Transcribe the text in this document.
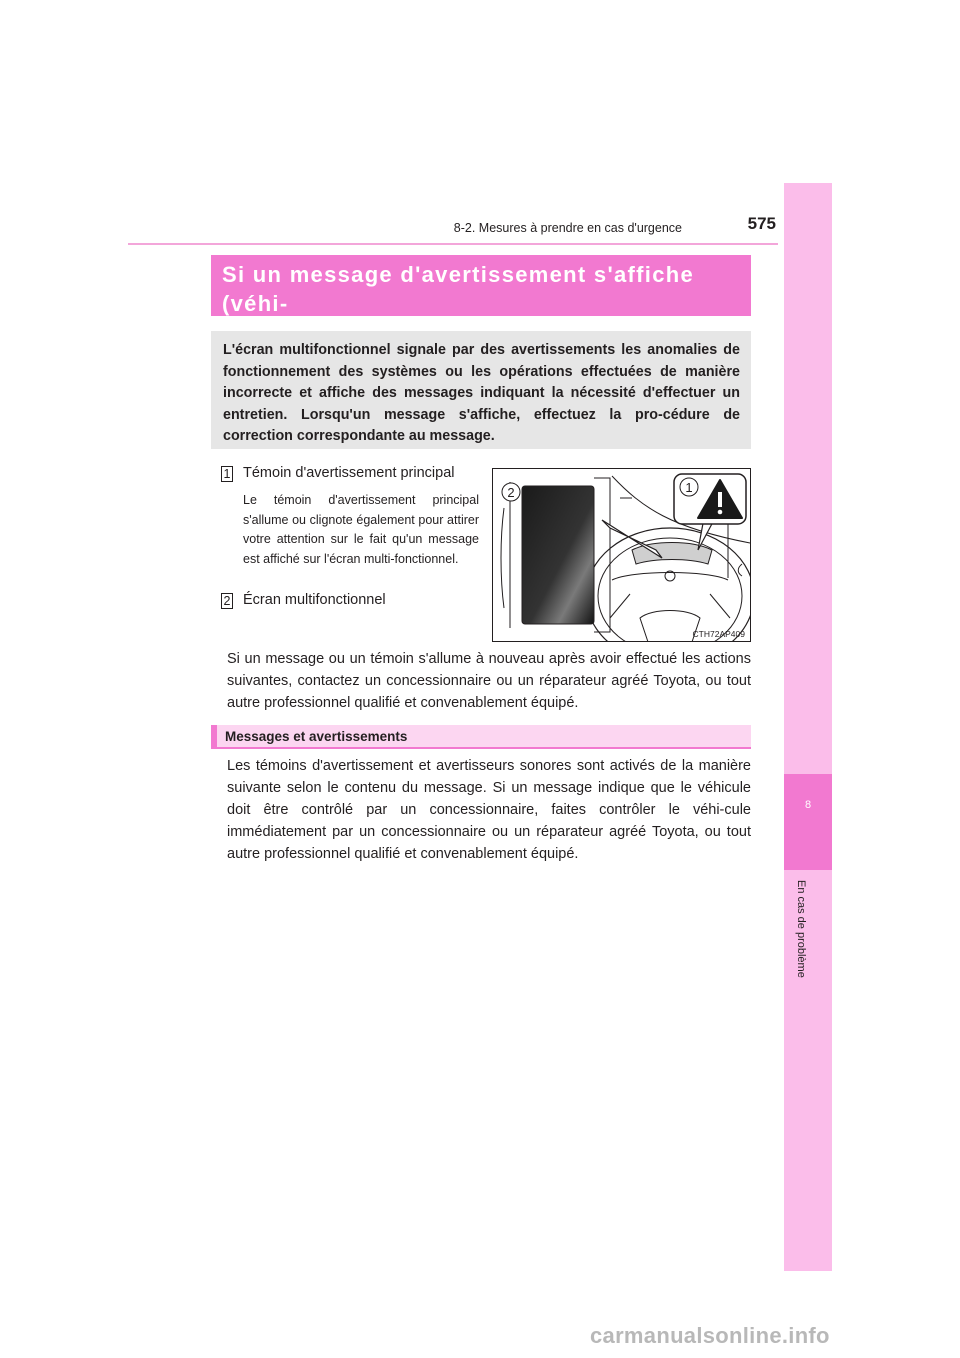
8-2. Mesures à prendre en cas d'urgence	575
8
En cas de problème
Si un message d'avertissement s'affiche (véhi-
L'écran multifonctionnel signale par des avertissements les anomalies de fonctionnement des systèmes ou les opérations effectuées de manière incorrecte et affiche des messages indiquant la nécessité d'effectuer un entretien. Lorsqu'un message s'affiche, effectuez la pro-cédure de correction correspondante au message.
1 Témoin d'avertissement principal
Le témoin d'avertissement principal s'allume ou clignote également pour attirer votre attention sur le fait qu'un message est affiché sur l'écran multi-fonctionnel.
2 Écran multifonctionnel
2	1
CTH72AP409
Si un message ou un témoin s'allume à nouveau après avoir effectué les actions suivantes, contactez un concessionnaire ou un réparateur agréé Toyota, ou tout autre professionnel qualifié et convenablement équipé.
Messages et avertissements
Les témoins d'avertissement et avertisseurs sonores sont activés de la manière suivante selon le contenu du message. Si un message indique que le véhicule doit être contrôlé par un concessionnaire, faites contrôler le véhi-cule immédiatement par un concessionnaire ou un réparateur agréé Toyota, ou tout autre professionnel qualifié et convenablement équipé.
carmanualsonline.info
